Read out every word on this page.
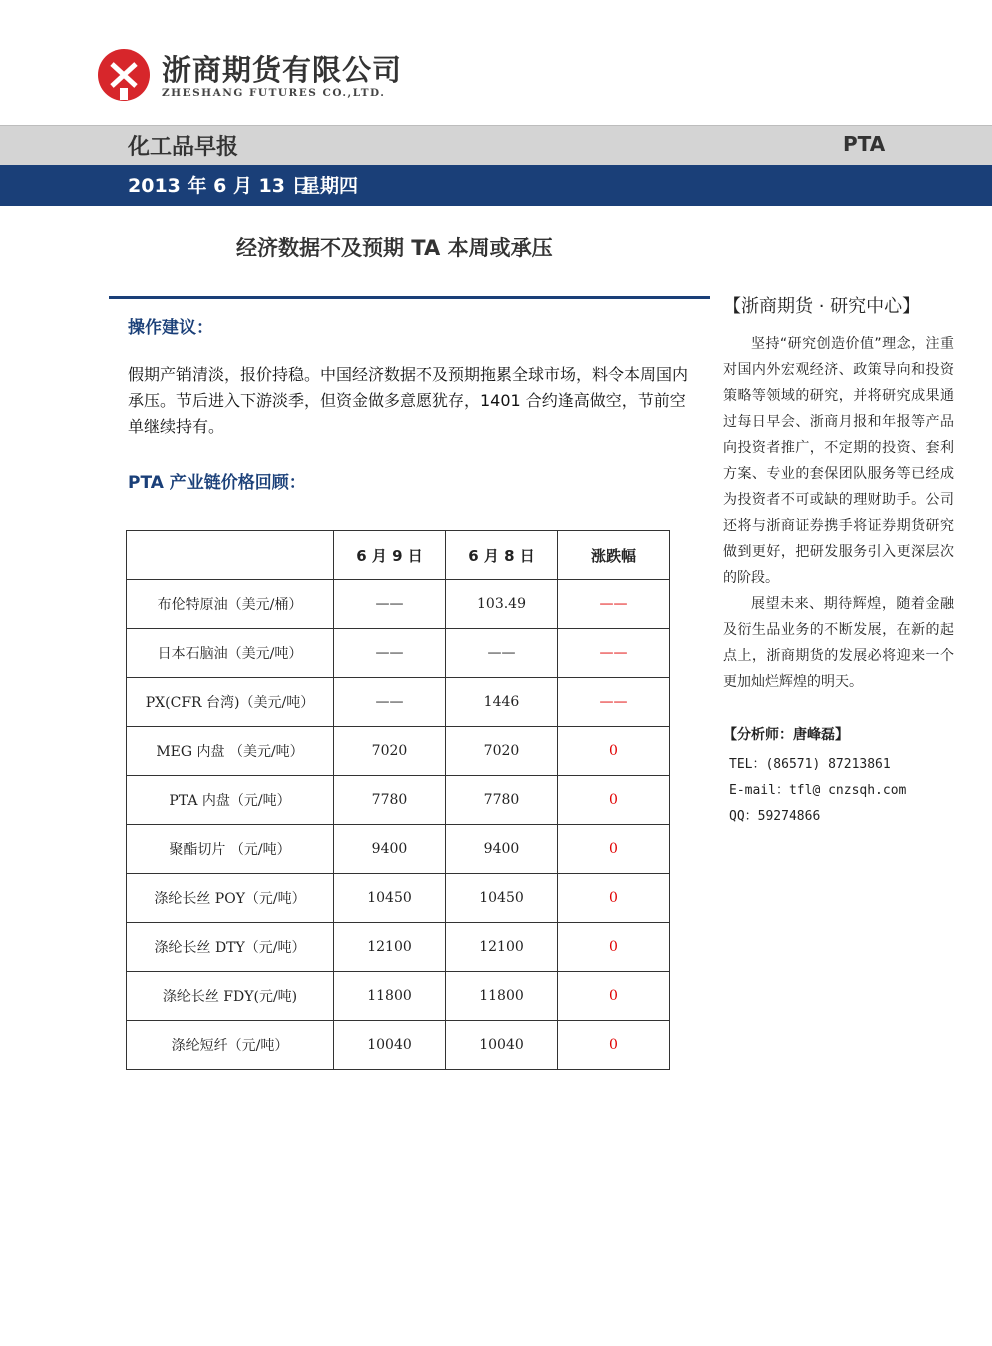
浙商期货有限公司
ZHESHANG FUTURES CO.,LTD.
化工品早报	PTA
2013 年 6 月 13 日
星期四
经济数据不及预期 TA 本周或承压
操作建议：
假期产销清淡，报价持稳。中国经济数据不及预期拖累全球市场，料令本周国内承压。节后进入下游淡季，但资金做多意愿犹存，1401 合约逢高做空，节前空单继续持有。
PTA 产业链价格回顾：
	6 月 9 日	6 月 8 日	涨跌幅
布伦特原油（美元/桶）	——	103.49	——
日本石脑油（美元/吨）	——	——	——
PX(CFR 台湾)（美元/吨）	——	1446	——
MEG 内盘 （美元/吨）	7020	7020	0
PTA 内盘（元/吨）	7780	7780	0
聚酯切片 （元/吨）	9400	9400	0
涤纶长丝 POY（元/吨）	10450	10450	0
涤纶长丝 DTY（元/吨）	12100	12100	0
涤纶长丝 FDY(元/吨)	11800	11800	0
涤纶短纤（元/吨）	10040	10040	0
【浙商期货 · 研究中心】

坚持“研究创造价值”理念，注重对国内外宏观经济、政策导向和投资策略等领域的研究，并将研究成果通过每日早会、浙商月报和年报等产品向投资者推广，不定期的投资、套利方案、专业的套保团队服务等已经成为投资者不可或缺的理财助手。公司还将与浙商证券携手将证券期货研究做到更好，把研发服务引入更深层次的阶段。

展望未来、期待辉煌，随着金融及衍生品业务的不断发展，在新的起点上，浙商期货的发展必将迎来一个更加灿烂辉煌的明天。

【分析师：唐峰磊】
TEL：(86571) 87213861
E-mail：tfl@ cnzsqh.com
QQ：59274866
